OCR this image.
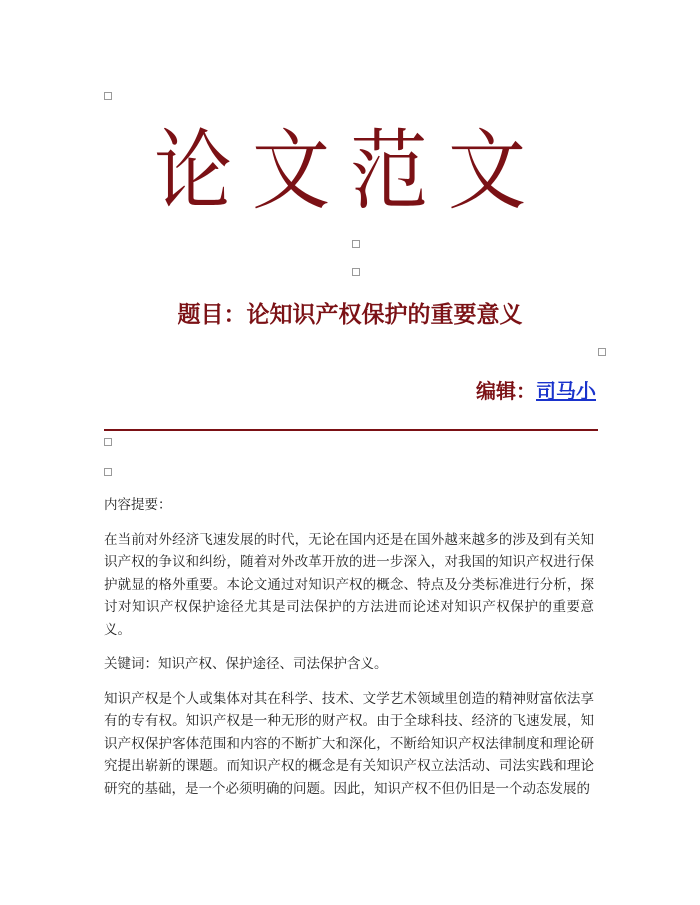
论文范文
题目：论知识产权保护的重要意义
编辑：司马小

内容提要：

在当前对外经济飞速发展的时代，无论在国内还是在国外越来越多的涉及到有关知识产权的争议和纠纷，随着对外改革开放的进一步深入，对我国的知识产权进行保护就显的格外重要。本论文通过对知识产权的概念、特点及分类标准进行分析，探讨对知识产权保护途径尤其是司法保护的方法进而论述对知识产权保护的重要意义。

关键词：知识产权、保护途径、司法保护含义。

知识产权是个人或集体对其在科学、技术、文学艺术领域里创造的精神财富依法享有的专有权。知识产权是一种无形的财产权。由于全球科技、经济的飞速发展，知识产权保护客体范围和内容的不断扩大和深化，不断给知识产权法律制度和理论研究提出崭新的课题。而知识产权的概念是有关知识产权立法活动、司法实践和理论研究的基础，是一个必须明确的问题。因此，知识产权不但仍旧是一个动态发展的
